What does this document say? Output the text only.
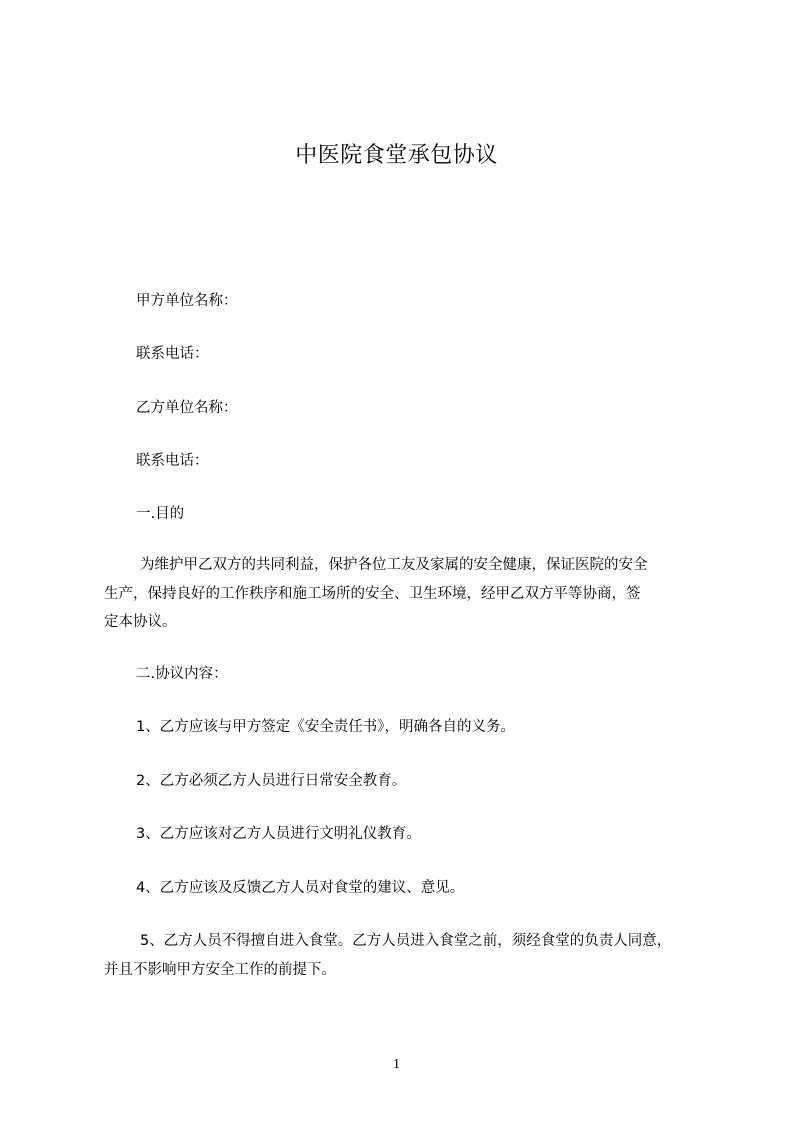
中医院食堂承包协议
甲方单位名称：
联系电话：
乙方单位名称：
联系电话：
一.目的
为维护甲乙双方的共同利益，保护各位工友及家属的安全健康，保证医院的安全
生产，保持良好的工作秩序和施工场所的安全、卫生环境，经甲乙双方平等协商，签
定本协议。
二.协议内容：
1、乙方应该与甲方签定《安全责任书》，明确各自的义务。
2、乙方必须乙方人员进行日常安全教育。
3、乙方应该对乙方人员进行文明礼仪教育。
4、乙方应该及反馈乙方人员对食堂的建议、意见。
5、乙方人员不得擅自进入食堂。乙方人员进入食堂之前，须经食堂的负责人同意，
并且不影响甲方安全工作的前提下。
1
